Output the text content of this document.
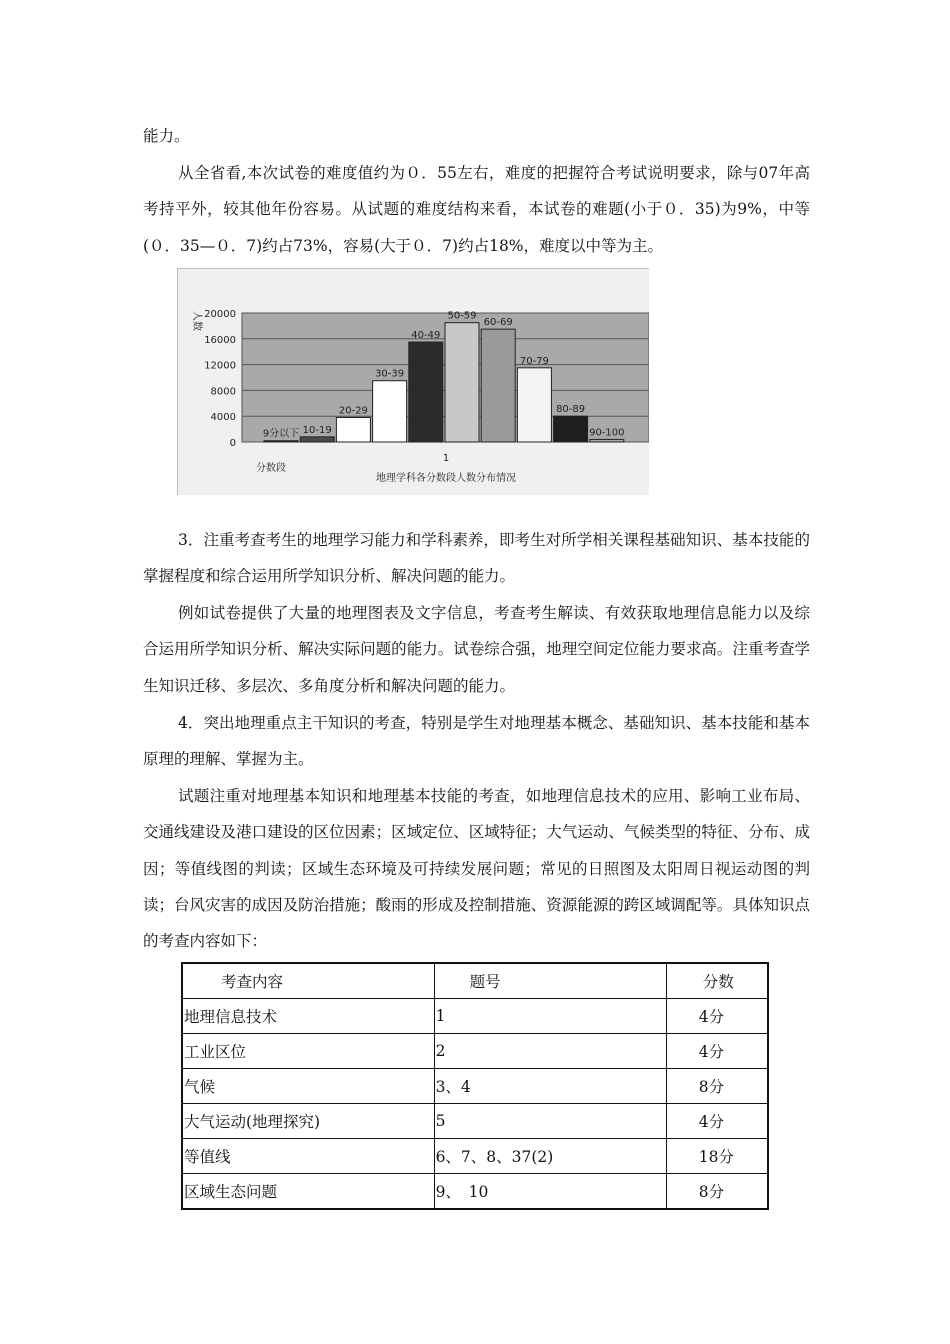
能力。

从全省看,本次试卷的难度值约为０．55左右，难度的把握符合考试说明要求，除与07年高考持平外，较其他年份容易。从试题的难度结构来看，本试卷的难题(小于０．35)为9%，中等(０．35—０．7)约占73%，容易(大于０．7)约占18%，难度以中等为主。

0
4000
8000
12000
16000
20000
9分以下 10-19
20-29
30-39
40-49
50-59
60-69
70-79
80-89
90-100
人数
1
分数段
地理学科各分数段人数分布情况

3．注重考查考生的地理学习能力和学科素养，即考生对所学相关课程基础知识、基本技能的掌握程度和综合运用所学知识分析、解决问题的能力。

例如试卷提供了大量的地理图表及文字信息，考查考生解读、有效获取地理信息能力以及综合运用所学知识分析、解决实际问题的能力。试卷综合强，地理空间定位能力要求高。注重考查学生知识迁移、多层次、多角度分析和解决问题的能力。

4．突出地理重点主干知识的考查，特别是学生对地理基本概念、基础知识、基本技能和基本原理的理解、掌握为主。

试题注重对地理基本知识和地理基本技能的考查，如地理信息技术的应用、影响工业布局、交通线建设及港口建设的区位因素；区域定位、区域特征；大气运动、气候类型的特征、分布、成因；等值线图的判读；区域生态环境及可持续发展问题；常见的日照图及太阳周日视运动图的判读；台风灾害的成因及防治措施；酸雨的形成及控制措施、资源能源的跨区域调配等。具体知识点的考查内容如下：

考查内容	题号	分数
地理信息技术	1	4分
工业区位	2	4分
气候	3、4	8分
大气运动(地理探究)	5	4分
等值线	6、7、8、37(2)	18分
区域生态问题	9、　10	8分
